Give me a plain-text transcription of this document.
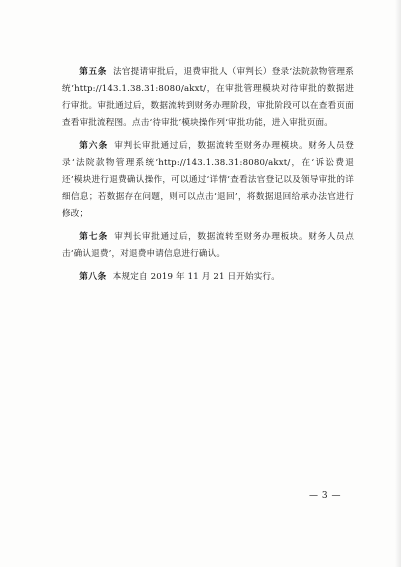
第五条 法官提请审批后，退费审批人（审判长）登录‘法院款物管理系统’http://143.1.38.31:8080/akxt/，在审批管理模块对待审批的数据进行审批。审批通过后，数据流转到财务办理阶段，审批阶段可以在查看页面查看审批流程图。点击‘待审批’模块操作列‘审批功能，进入审批页面。

第六条 审判长审批通过后，数据流转至财务办理模块。财务人员登录‘法院款物管理系统’http://143.1.38.31:8080/akxt/，在‘诉讼费退还’模块进行退费确认操作，可以通过‘详情’查看法官登记以及领导审批的详细信息；若数据存在问题，则可以点击‘退回’，将数据退回给承办法官进行修改；

第七条 审判长审批通过后，数据流转至财务办理板块。财务人员点击‘确认退费’，对退费申请信息进行确认。

第八条 本规定自 2019 年 11 月 21 日开始实行。

— 3 —
